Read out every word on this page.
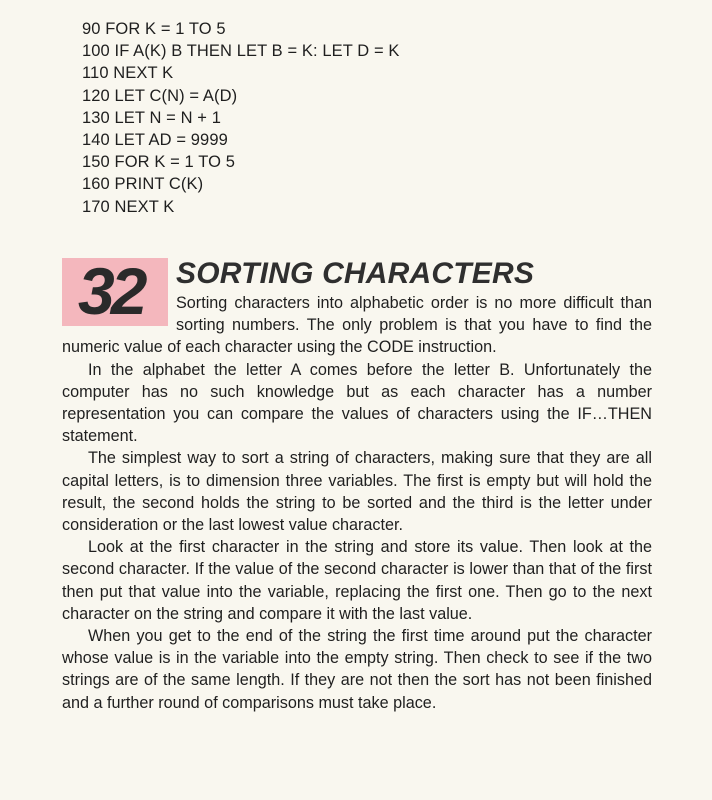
90 FOR K = 1 TO 5
100 IF A(K) B THEN LET B = K: LET D = K
110 NEXT K
120 LET C(N) = A(D)
130 LET N = N + 1
140 LET AD = 9999
150 FOR K = 1 TO 5
160 PRINT C(K)
170 NEXT K
32	SORTING CHARACTERS

Sorting characters into alphabetic order is no more difficult than sorting numbers. The only problem is that you have to find the numeric value of each character using the CODE instruction.

In the alphabet the letter A comes before the letter B. Unfortunately the computer has no such knowledge but as each character has a number representation you can compare the values of characters using the IF…THEN statement.

The simplest way to sort a string of characters, making sure that they are all capital letters, is to dimension three variables. The first is empty but will hold the result, the second holds the string to be sorted and the third is the letter under consideration or the last lowest value character.

Look at the first character in the string and store its value. Then look at the second character. If the value of the second character is lower than that of the first then put that value into the variable, replacing the first one. Then go to the next character on the string and compare it with the last value.

When you get to the end of the string the first time around put the character whose value is in the variable into the empty string. Then check to see if the two strings are of the same length. If they are not then the sort has not been finished and a further round of comparisons must take place.
